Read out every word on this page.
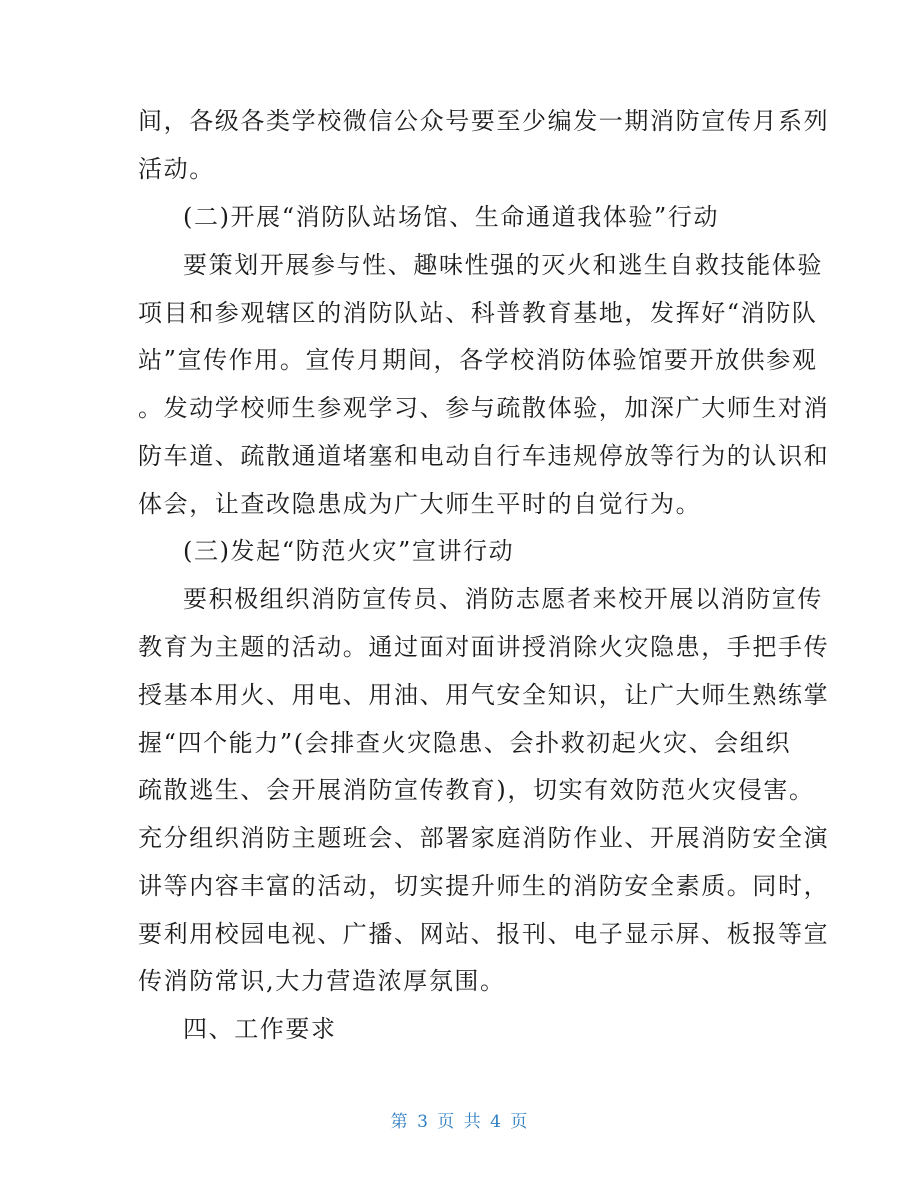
间，各级各类学校微信公众号要至少编发一期消防宣传月系列
活动。
(二)开展“消防队站场馆、生命通道我体验”行动
要策划开展参与性、趣味性强的灭火和逃生自救技能体验
项目和参观辖区的消防队站、科普教育基地，发挥好“消防队
站”宣传作用。宣传月期间，各学校消防体验馆要开放供参观
。发动学校师生参观学习、参与疏散体验，加深广大师生对消
防车道、疏散通道堵塞和电动自行车违规停放等行为的认识和
体会，让查改隐患成为广大师生平时的自觉行为。
(三)发起“防范火灾”宣讲行动
要积极组织消防宣传员、消防志愿者来校开展以消防宣传
教育为主题的活动。通过面对面讲授消除火灾隐患，手把手传
授基本用火、用电、用油、用气安全知识，让广大师生熟练掌
握“四个能力”(会排查火灾隐患、会扑救初起火灾、会组织
疏散逃生、会开展消防宣传教育)，切实有效防范火灾侵害。
充分组织消防主题班会、部署家庭消防作业、开展消防安全演
讲等内容丰富的活动，切实提升师生的消防安全素质。同时，
要利用校园电视、广播、网站、报刊、电子显示屏、板报等宣
传消防常识,大力营造浓厚氛围。
四、工作要求
第 3 页 共 4 页
